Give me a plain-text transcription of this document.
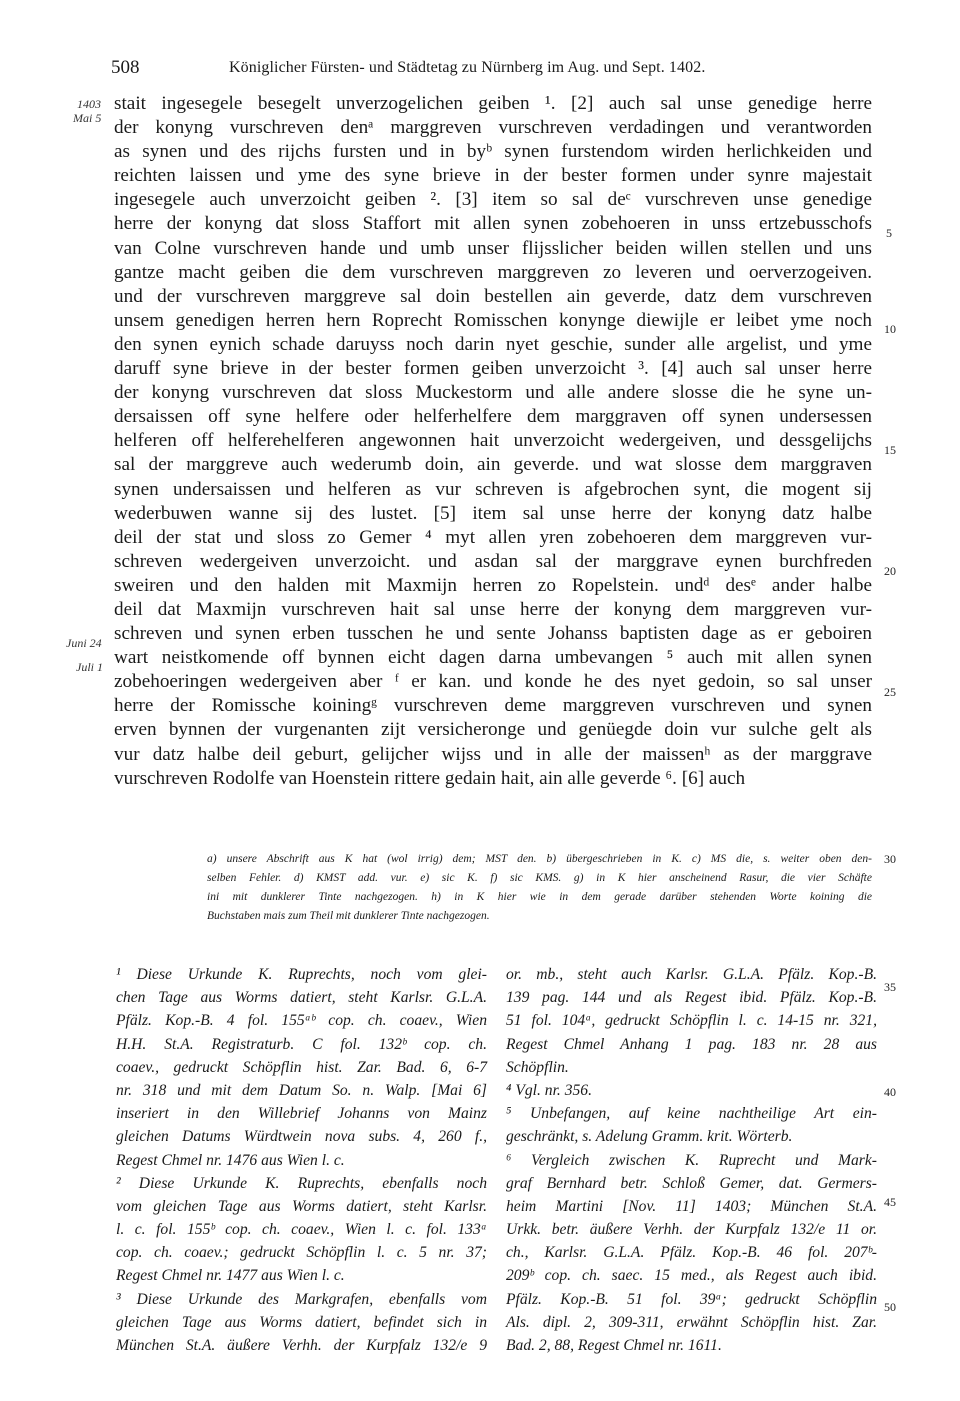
508	Königlicher Fürsten- und Städtetag zu Nürnberg im Aug. und Sept. 1402.
1403
Mai 5
Juni 24
Juli 1
stait ingesegele besegelt unverzogelichen geiben ¹. [2] auch sal unse genedige herre
der konyng vurschreven denᵃ marggreven vurschreven verdadingen und verantworden
as synen und des rijchs fursten und in byᵇ synen furstendom wirden herlichkeiden und
reichten laissen und yme des syne brieve in der bester formen under synre majestait
ingesegele auch unverzoicht geiben ². [3] item so sal deᶜ vurschreven unse genedige
herre der konyng dat sloss Staffort mit allen synen zobehoeren in unss ertzebusschofs
van Colne vurschreven hande und umb unser flijsslicher beiden willen stellen und uns
gantze macht geiben die dem vurschreven marggreven zo leveren und oerverzogeiven.
und der vurschreven marggreve sal doin bestellen ain geverde, datz dem vurschreven
unsem genedigen herren hern Roprecht Romisschen konynge diewijle er leibet yme noch
den synen eynich schade daruyss noch darin nyet geschie, sunder alle argelist, und yme
daruff syne brieve in der bester formen geiben unverzoicht ³. [4] auch sal unser herre
der konyng vurschreven dat sloss Muckestorm und alle andere slosse die he syne un-
dersaissen off syne helfere oder helferhelfere dem marggraven off synen undersessen
helferen off helferehelferen angewonnen hait unverzoicht wedergeiven, und dessgelijchs
sal der marggreve auch wederumb doin, ain geverde. und wat slosse dem marggraven
synen undersaissen und helferen as vur schreven is afgebrochen synt, die mogent sij
wederbuwen wanne sij des lustet. [5] item sal unse herre der konyng datz halbe
deil der stat und sloss zo Gemer ⁴ myt allen yren zobehoeren dem marggreven vur-
schreven wedergeiven unverzoicht. und asdan sal der marggrave eynen burchfreden
sweiren und den halden mit Maxmijn herren zo Ropelstein. undᵈ desᵉ ander halbe
deil dat Maxmijn vurschreven hait sal unse herre der konyng dem marggreven vur-
schreven und synen erben tusschen he und sente Johanss baptisten dage as er geboiren
wart neistkomende off bynnen eicht dagen darna umbevangen ⁵ auch mit allen synen
zobehoeringen wedergeiven aber ᶠ er kan. und konde he des nyet gedoin, so sal unser
herre der Romissche koiningᵍ vurschreven deme marggreven vurschreven und synen
erven bynnen der vurgenanten zijt versicheronge und genüegde doin vur sulche gelt als
vur datz halbe deil geburt, gelijcher wijss und in alle der maissenʰ as der marggrave
vurschreven Rodolfe van Hoenstein rittere gedain hait, ain alle geverde ⁶. [6] auch
5
10
15
20
25
30
35
40
45
50
a) unsere Abschrift aus K hat (wol irrig) dem; MST den. b) übergeschrieben in K. c) MS die, s. weiter oben den-
selben Fehler. d) KMST add. vur. e) sic K. f) sic KMS. g) in K hier anscheinend Rasur, die vier Schäfte
ini mit dunklerer Tinte nachgezogen. h) in K hier wie in dem gerade darüber stehenden Worte koining die
Buchstaben mais zum Theil mit dunklerer Tinte nachgezogen.
¹ Diese Urkunde K. Ruprechts, noch vom glei-
chen Tage aus Worms datiert, steht Karlsr. G.L.A.
Pfälz. Kop.-B. 4 fol. 155ᵃᵇ cop. ch. coaev., Wien
H.H. St.A. Registraturb. C fol. 132ᵇ cop. ch.
coaev., gedruckt Schöpflin hist. Zar. Bad. 6, 6-7
nr. 318 und mit dem Datum So. n. Walp. [Mai 6]
inseriert in den Willebrief Johanns von Mainz
gleichen Datums Würdtwein nova subs. 4, 260 f.,
Regest Chmel nr. 1476 aus Wien l. c.
² Diese Urkunde K. Ruprechts, ebenfalls noch
vom gleichen Tage aus Worms datiert, steht Karlsr.
l. c. fol. 155ᵇ cop. ch. coaev., Wien l. c. fol. 133ᵃ
cop. ch. coaev.; gedruckt Schöpflin l. c. 5 nr. 37;
Regest Chmel nr. 1477 aus Wien l. c.
³ Diese Urkunde des Markgrafen, ebenfalls vom
gleichen Tage aus Worms datiert, befindet sich in
München St.A. äußere Verhh. der Kurpfalz 132/e 9
or. mb., steht auch Karlsr. G.L.A. Pfälz. Kop.-B.
139 pag. 144 und als Regest ibid. Pfälz. Kop.-B.
51 fol. 104ᵃ, gedruckt Schöpflin l. c. 14-15 nr. 321,
Regest Chmel Anhang 1 pag. 183 nr. 28 aus
Schöpflin.
⁴ Vgl. nr. 356.
⁵ Unbefangen, auf keine nachtheilige Art ein-
geschränkt, s. Adelung Gramm. krit. Wörterb.
⁶ Vergleich zwischen K. Ruprecht und Mark-
graf Bernhard betr. Schloß Gemer, dat. Germers-
heim Martini [Nov. 11] 1403; München St.A.
Urkk. betr. äußere Verhh. der Kurpfalz 132/e 11 or.
ch., Karlsr. G.L.A. Pfälz. Kop.-B. 46 fol. 207ᵇ-
209ᵇ cop. ch. saec. 15 med., als Regest auch ibid.
Pfälz. Kop.-B. 51 fol. 39ᵃ; gedruckt Schöpflin
Als. dipl. 2, 309-311, erwähnt Schöpflin hist. Zar.
Bad. 2, 88, Regest Chmel nr. 1611.
